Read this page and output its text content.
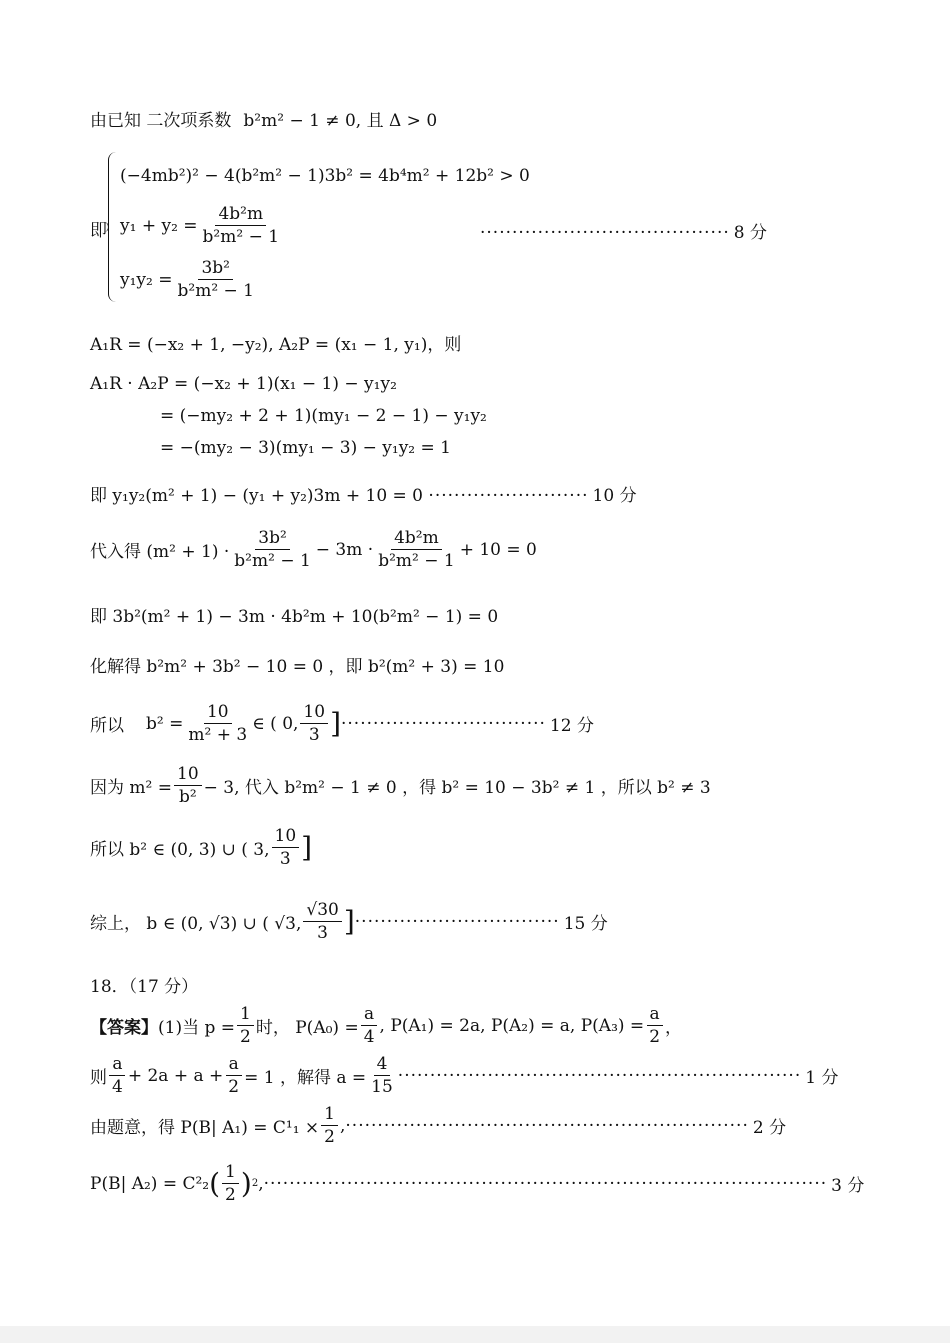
由已知 二次项系数 b²m² − 1 ≠ 0, 且 Δ > 0
即
(−4mb²)² − 4(b²m² − 1)3b² = 4b⁴m² + 12b² > 0
$y_1 + y_2 = \frac{\text{4b²m}}{\text{b²m² − 1}}$
$y_1y_2 = \frac{\text{3b²}}{\text{b²m² − 1}}$
······································· 8 分
A₁R = (−x₂ + 1, −y₂), A₂P = (x₁ − 1, y₁)，则
A₁R · A₂P = (−x₂ + 1)(x₁ − 1) − y₁y₂
= (−my₂ + 2 + 1)(my₁ − 2 − 1) − y₁y₂
= −(my₂ − 3)(my₁ − 3) − y₁y₂ = 1
即 y₁y₂(m² + 1) − (y₁ + y₂)3m + 10 = 0 ························· 10 分
代入得 $(m^2 + 1) \cdot \frac{\text{3b²}}{\text{b²m² − 1}} - 3m \cdot \frac{\text{4b²m}}{\text{b²m² − 1}} + 10 = 0$
即 3b²(m² + 1) − 3m · 4b²m + 10(b²m² − 1) = 0
化解得 b²m² + 3b² − 10 = 0 ，即 b²(m² + 3) = 10
所以 $b^2 = \frac{10}{\text{m² + 3}}$ ∈ ( 0, $\frac{10}{3}$ ] ································ 12 分
因为 $m^2 = \frac{10}{\text{b²}} - 3$, 代入 b²m² − 1 ≠ 0 ，得 b² = 10 − 3b² ≠ 1 ，所以 b² ≠ 3
所以 b² ∈ (0, 3) ∪ ( 3, $\frac{10}{3}$ ]
综上， b ∈ (0, √3) ∪ ( √3, $\frac{√30}{3}$ ] ································ 15 分
18．（17 分）
【答案】 (1)当 $p = \frac{1}{2}$ 时， $P(A_0) = \frac{a}{4}$ , P(A₁) = 2a, P(A₂) = a, $P(A_3) = \frac{a}{2}$ ，
则 $\frac{a}{4} + 2a + a + \frac{a}{2} = 1$ ，解得 $a = \frac{4}{15}$ ······························································· 1 分
由题意，得 P(B| $A_1) = C^1_1 \times \frac{1}{2}$ , ······························································· 2 分
P(B| A₂) = C²₂ ( $\frac{1}{2}$ ) 2 , ························································································ 3 分
